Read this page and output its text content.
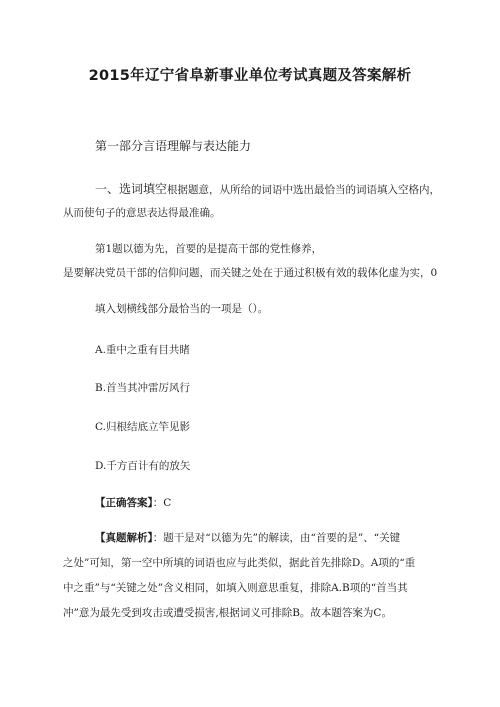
2015年辽宁省阜新事业单位考试真题及答案解析
第一部分言语理解与表达能力
一、选词填空根据题意，从所给的词语中选出最恰当的词语填入空格内，
从而使句子的意思表达得最准确。
第1题以德为先，首要的是提高干部的党性修养，
是要解决党员干部的信仰问题，而关键之处在于通过积极有效的载体化虚为实，0
填入划横线部分最恰当的一项是（）。
A.重中之重有目共睹
B.首当其冲雷厉风行
C.归根结底立竿见影
D.千方百计有的放矢
【正确答案】：C
【真题解析】：题干是对“以德为先”的解读，由“首要的是”、“关键
之处”可知，第一空中所填的词语也应与此类似，据此首先排除D。A项的“重
中之重”与“关键之处”含义相同，如填入则意思重复，排除A.B项的“首当其
冲”意为最先受到攻击或遭受损害,根据词义可排除B。故本题答案为C。
